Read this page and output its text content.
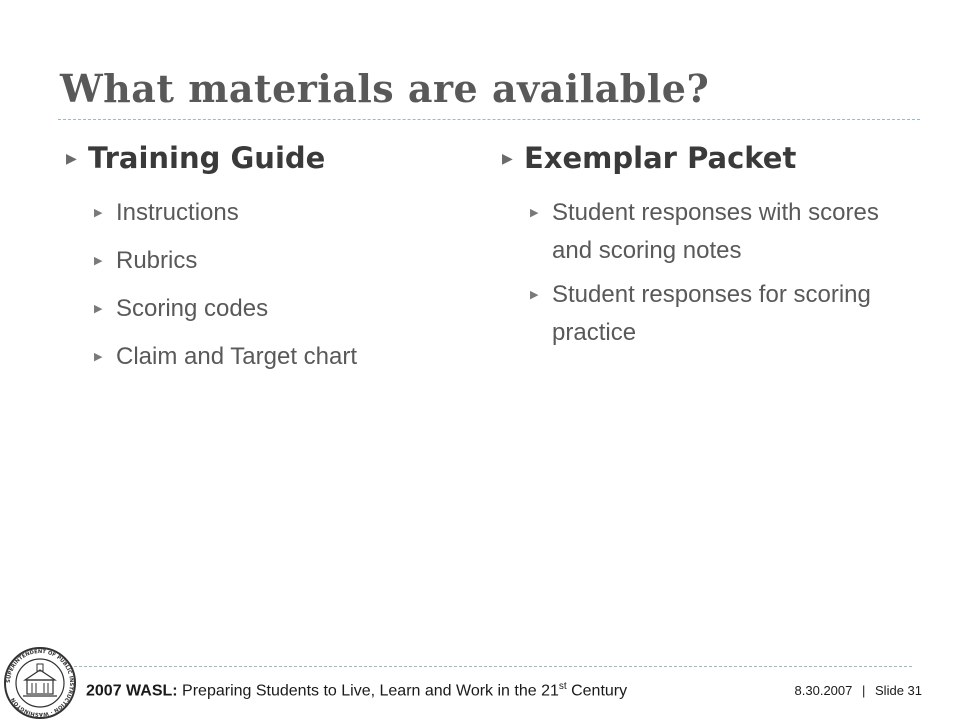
What materials are available?
▶ Training Guide
▶ Instructions
▶ Rubrics
▶ Scoring codes
▶ Claim and Target chart
▶ Exemplar Packet
▶ Student responses with scores and scoring notes
▶ Student responses for scoring practice
SUPERINTENDENT OF PUBLIC INSTRUCTION · WASHINGTON
2007 WASL: Preparing Students to Live, Learn and Work in the 21st Century	8.30.2007 | Slide 31
